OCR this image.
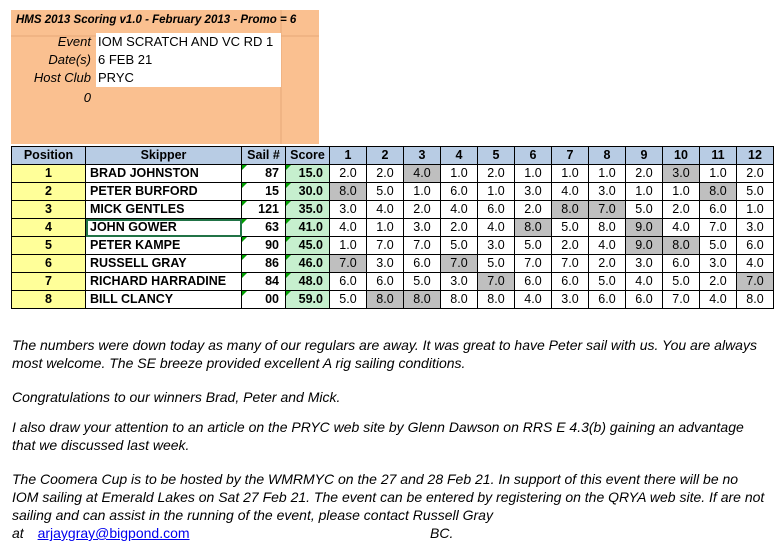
HMS 2013 Scoring v1.0 - February 2013 - Promo = 6
Event IOM SCRATCH AND VC RD 1
Date(s) 6 FEB 21
Host Club PRYC
0
Position	Skipper	Sail #	Score	1	2	3	4	5	6	7	8	9	10	11	12
1	BRAD JOHNSTON	87	15.0	2.0	2.0	4.0	1.0	2.0	1.0	1.0	1.0	2.0	3.0	1.0	2.0
2	PETER BURFORD	15	30.0	8.0	5.0	1.0	6.0	1.0	3.0	4.0	3.0	1.0	1.0	8.0	5.0
3	MICK GENTLES	121	35.0	3.0	4.0	2.0	4.0	6.0	2.0	8.0	7.0	5.0	2.0	6.0	1.0
4	JOHN GOWER	63	41.0	4.0	1.0	3.0	2.0	4.0	8.0	5.0	8.0	9.0	4.0	7.0	3.0
5	PETER KAMPE	90	45.0	1.0	7.0	7.0	5.0	3.0	5.0	2.0	4.0	9.0	8.0	5.0	6.0
6	RUSSELL GRAY	86	46.0	7.0	3.0	6.0	7.0	5.0	7.0	7.0	2.0	3.0	6.0	3.0	4.0
7	RICHARD HARRADINE	84	48.0	6.0	6.0	5.0	3.0	7.0	6.0	6.0	5.0	4.0	5.0	2.0	7.0
8	BILL CLANCY	00	59.0	5.0	8.0	8.0	8.0	8.0	4.0	3.0	6.0	6.0	7.0	4.0	8.0

The numbers were down today as many of our regulars are away. It was great to have Peter sail with us. You are always most welcome. The SE breeze provided excellent A rig sailing conditions.

Congratulations to our winners Brad, Peter and Mick.

I also draw your attention to an article on the PRYC web site by Glenn Dawson on RRS E 4.3(b) gaining an advantage that we discussed last week.

The Coomera Cup is to be hosted by the WMRMYC on the 27 and 28 Feb 21. In support of this event there will be no IOM sailing at Emerald Lakes on Sat 27 Feb 21. The event can be entered by registering on the QRYA web site. If are not sailing and can assist in the running of the event, please contact Russell Gray

at arjaygray@bigpond.com	BC.
